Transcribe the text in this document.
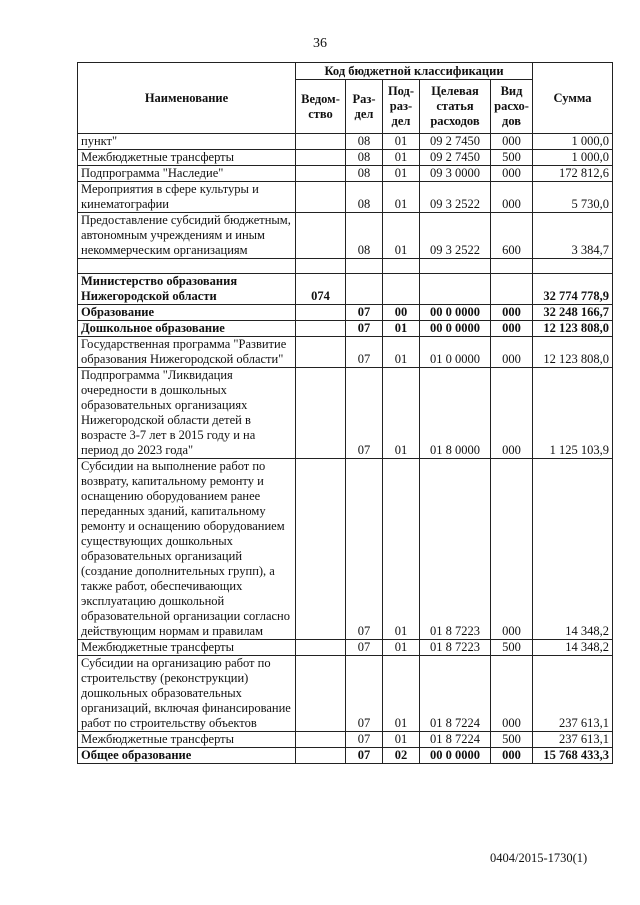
36
Наименование	Код бюджетной классификации					Сумма
	Ведом-ство	Раз-дел	Под-раз-дел	Целевая статья расходов	Вид расхо-дов	
пункт"		08	01	09 2 7450	000	1 000,0
Межбюджетные трансферты		08	01	09 2 7450	500	1 000,0
Подпрограмма "Наследие"		08	01	09 3 0000	000	172 812,6
Мероприятия в сфере культуры и кинематографии		08	01	09 3 2522	000	5 730,0
Предоставление субсидий бюджетным, автономным учреждениям и иным некоммерческим организациям		08	01	09 3 2522	600	3 384,7

Министерство образования Нижегородской области	074					32 774 778,9
Образование		07	00	00 0 0000	000	32 248 166,7
Дошкольное образование		07	01	00 0 0000	000	12 123 808,0
Государственная программа "Развитие образования Нижегородской области"		07	01	01 0 0000	000	12 123 808,0
Подпрограмма "Ликвидация очередности в дошкольных образовательных организациях Нижегородской области детей в возрасте 3-7 лет в 2015 году и на период до 2023 года"		07	01	01 8 0000	000	1 125 103,9
Субсидии на выполнение работ по возврату, капитальному ремонту и оснащению оборудованием ранее переданных зданий, капитальному ремонту и оснащению оборудованием существующих дошкольных образовательных организаций (создание дополнительных групп), а также работ, обеспечивающих эксплуатацию дошкольной образовательной организации согласно действующим нормам и правилам		07	01	01 8 7223	000	14 348,2
Межбюджетные трансферты		07	01	01 8 7223	500	14 348,2
Субсидии на организацию работ по строительству (реконструкции) дошкольных образовательных организаций, включая финансирование работ по строительству объектов		07	01	01 8 7224	000	237 613,1
Межбюджетные трансферты		07	01	01 8 7224	500	237 613,1
Общее образование		07	02	00 0 0000	000	15 768 433,3
0404/2015-1730(1)
